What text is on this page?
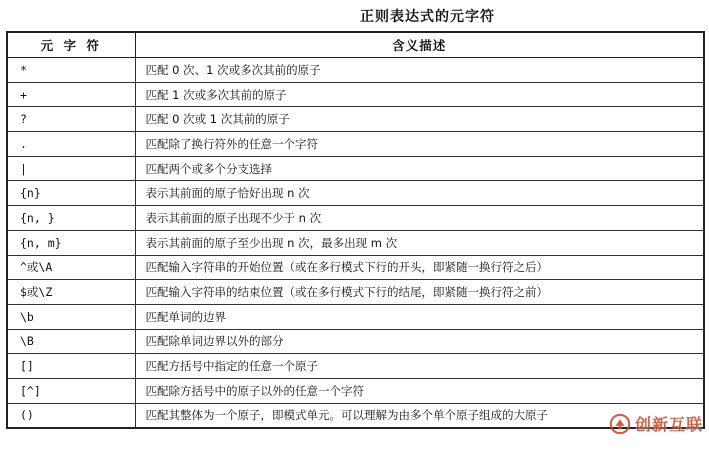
正则表达式的元字符
元 字 符	含义描述
*	匹配 0 次、1 次或多次其前的原子
+	匹配 1 次或多次其前的原子
?	匹配 0 次或 1 次其前的原子
.	匹配除了换行符外的任意一个字符
|	匹配两个或多个分支选择
{n}	表示其前面的原子恰好出现 n 次
{n, }	表示其前面的原子出现不少于 n 次
{n, m}	表示其前面的原子至少出现 n 次，最多出现 m 次
^或\A	匹配输入字符串的开始位置（或在多行模式下行的开头，即紧随一换行符之后）
$或\Z	匹配输入字符串的结束位置（或在多行模式下行的结尾，即紧随一换行符之前）
\b	匹配单词的边界
\B	匹配除单词边界以外的部分
[]	匹配方括号中指定的任意一个原子
[^]	匹配除方括号中的原子以外的任意一个字符
()	匹配其整体为一个原子，即模式单元。可以理解为由多个单个原子组成的大原子	创新互联
